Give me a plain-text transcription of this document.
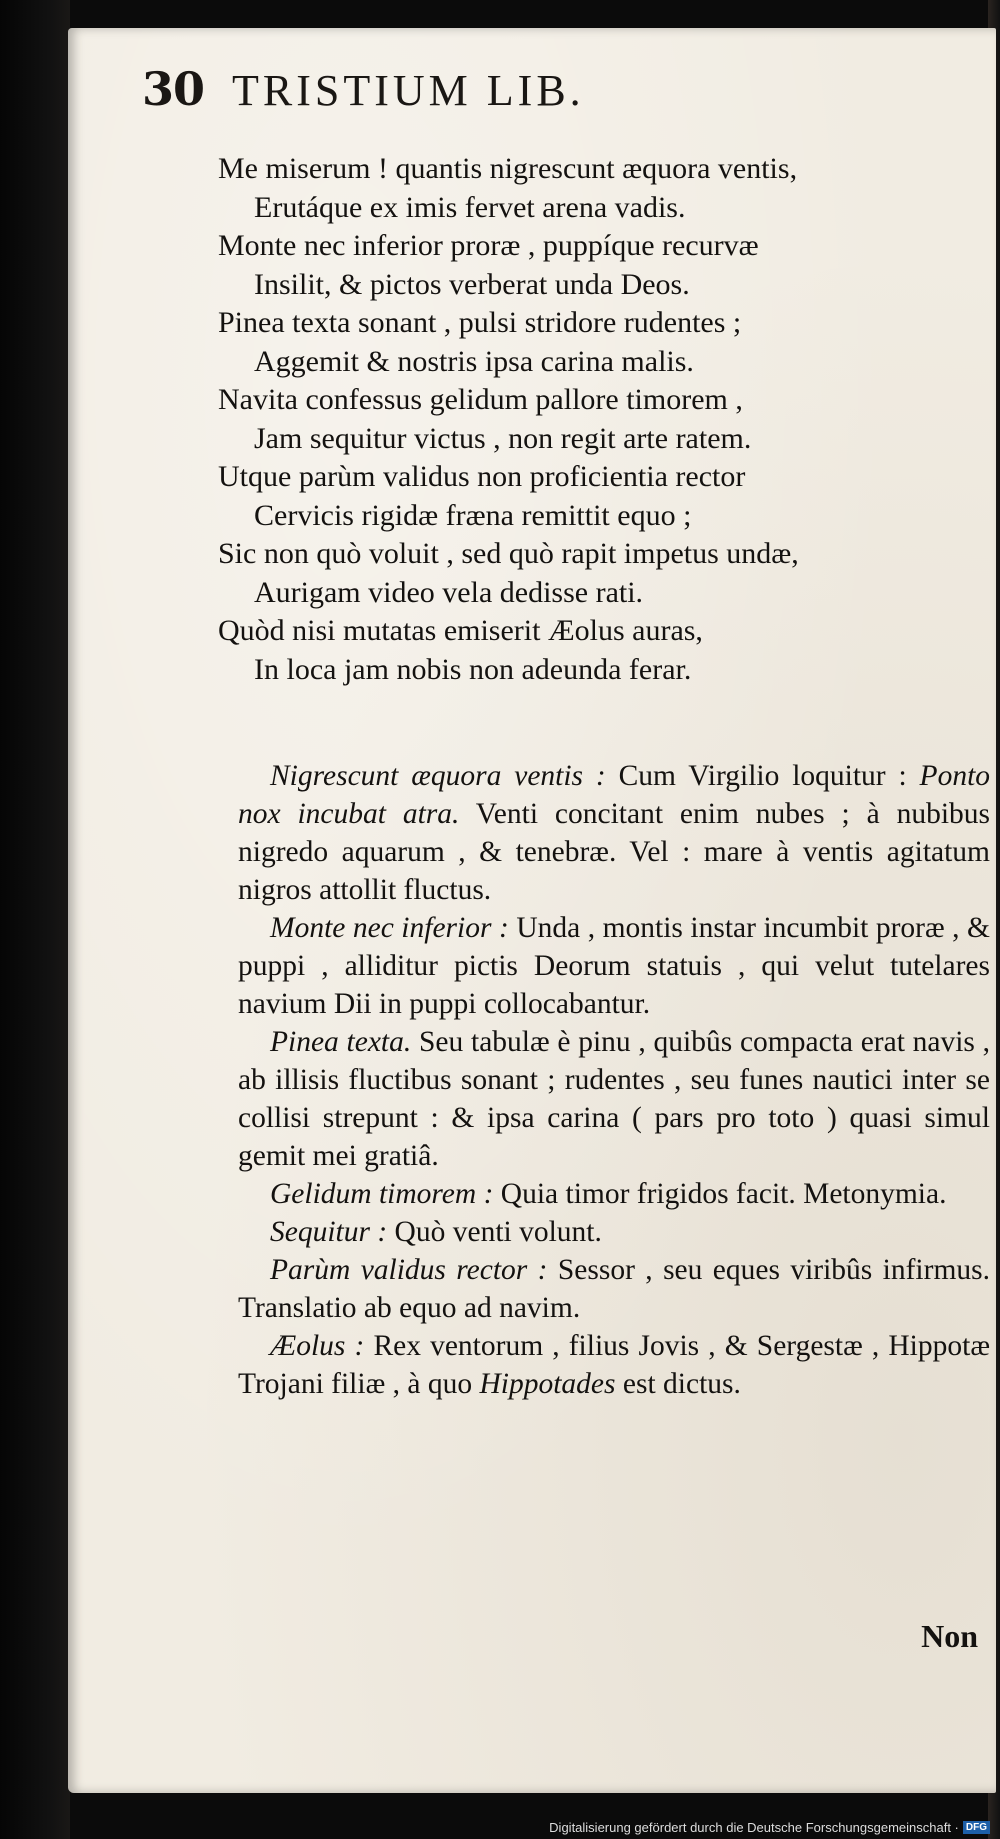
30 TRISTIUM LIB.
Me miserum ! quantis nigrescunt æquora ventis,
Erutáque ex imis fervet arena vadis.
Monte nec inferior proræ , puppíque recurvæ
Insilit, & pictos verberat unda Deos.
Pinea texta sonant , pulsi stridore rudentes ;
Aggemit & nostris ipsa carina malis.
Navita confessus gelidum pallore timorem ,
Jam sequitur victus , non regit arte ratem.
Utque parùm validus non proficientia rector
Cervicis rigidæ fræna remittit equo ;
Sic non quò voluit , sed quò rapit impetus undæ,
Aurigam video vela dedisse rati.
Quòd nisi mutatas emiserit Æolus auras,
In loca jam nobis non adeunda ferar.

Nigrescunt æquora ventis : Cum Virgilio loquitur : Ponto nox incubat atra. Venti concitant enim nubes ; à nubibus nigredo aquarum , & tenebræ. Vel : mare à ventis agitatum nigros attollit fluctus.

Monte nec inferior : Unda , montis instar incumbit proræ , & puppi , alliditur pictis Deorum statuis , qui velut tutelares navium Dii in puppi collocabantur.

Pinea texta. Seu tabulæ è pinu , quibûs compacta erat navis , ab illisis fluctibus sonant ; rudentes , seu funes nautici inter se collisi strepunt : & ipsa carina ( pars pro toto ) quasi simul gemit mei gratiâ.

Gelidum timorem : Quia timor frigidos facit. Metonymia.

Sequitur : Quò venti volunt.

Parùm validus rector : Sessor , seu eques viribûs infirmus. Translatio ab equo ad navim.

Æolus : Rex ventorum , filius Jovis , & Sergestæ , Hippotæ Trojani filiæ , à quo Hippotades est dictus.

Non
Digitalisierung gefördert durch die Deutsche Forschungsgemeinschaft · DFG
